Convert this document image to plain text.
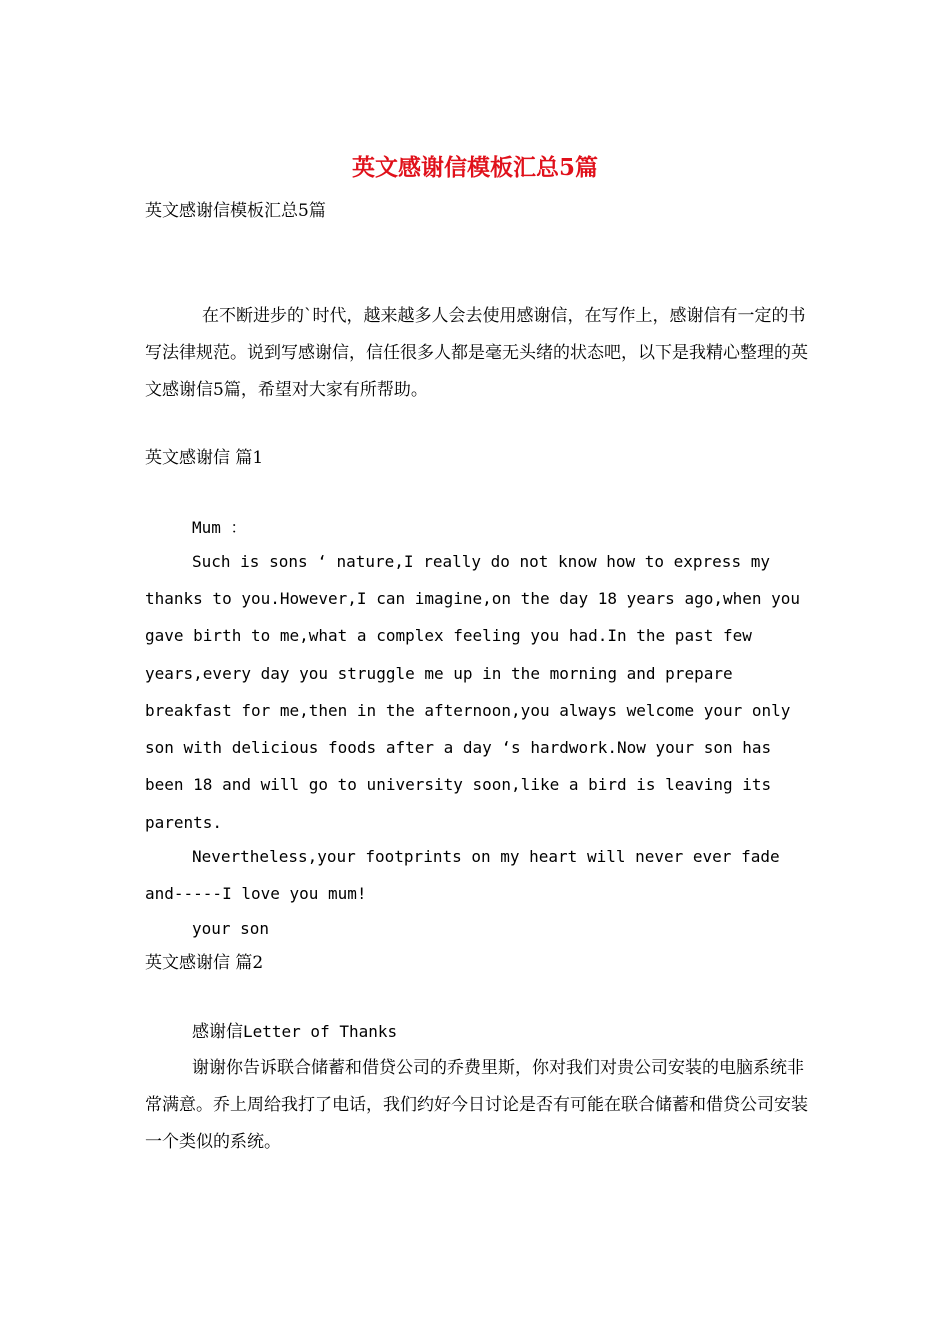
英文感谢信模板汇总5篇
英文感谢信模板汇总5篇
在不断进步的`时代，越来越多人会去使用感谢信，在写作上，感谢信有一定的书写法律规范。说到写感谢信，信任很多人都是毫无头绪的状态吧，以下是我精心整理的英文感谢信5篇，希望对大家有所帮助。
英文感谢信 篇1
Mum ：
Such is sons ‘ nature,I really do not know how to express my
thanks to you.However,I can imagine,on the day 18 years ago,when you
gave birth to me,what a complex feeling you had.In the past few
years,every day you struggle me up in the morning and prepare
breakfast for me,then in the afternoon,you always welcome your only
son with delicious foods after a day ‘s hardwork.Now your son has
been 18 and will go to university soon,like a bird is leaving its
parents.
Nevertheless,your footprints on my heart will never ever fade
and-----I love you mum!
your son
英文感谢信 篇2
感谢信Letter of Thanks
谢谢你告诉联合储蓄和借贷公司的乔费里斯，你对我们对贵公司安装的电脑系统非常满意。乔上周给我打了电话，我们约好今日讨论是否有可能在联合储蓄和借贷公司安装一个类似的系统。
